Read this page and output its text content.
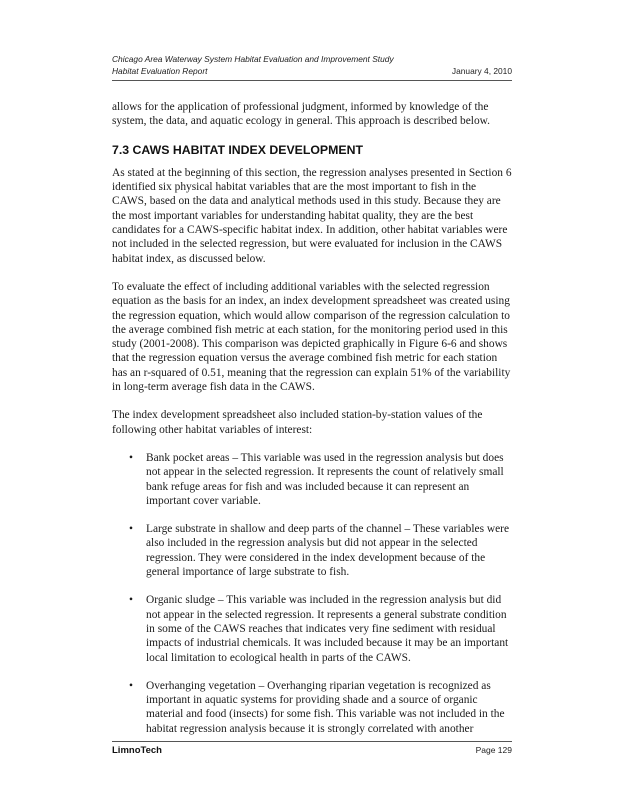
Chicago Area Waterway System Habitat Evaluation and Improvement Study
Habitat Evaluation Report	January 4, 2010

allows for the application of professional judgment, informed by knowledge of the system, the data, and aquatic ecology in general. This approach is described below.

7.3 CAWS HABITAT INDEX DEVELOPMENT

As stated at the beginning of this section, the regression analyses presented in Section 6 identified six physical habitat variables that are the most important to fish in the CAWS, based on the data and analytical methods used in this study. Because they are the most important variables for understanding habitat quality, they are the best candidates for a CAWS-specific habitat index. In addition, other habitat variables were not included in the selected regression, but were evaluated for inclusion in the CAWS habitat index, as discussed below.

To evaluate the effect of including additional variables with the selected regression equation as the basis for an index, an index development spreadsheet was created using the regression equation, which would allow comparison of the regression calculation to the average combined fish metric at each station, for the monitoring period used in this study (2001-2008). This comparison was depicted graphically in Figure 6-6 and shows that the regression equation versus the average combined fish metric for each station has an r-squared of 0.51, meaning that the regression can explain 51% of the variability in long-term average fish data in the CAWS.

The index development spreadsheet also included station-by-station values of the following other habitat variables of interest:

• Bank pocket areas – This variable was used in the regression analysis but does not appear in the selected regression. It represents the count of relatively small bank refuge areas for fish and was included because it can represent an important cover variable.
• Large substrate in shallow and deep parts of the channel – These variables were also included in the regression analysis but did not appear in the selected regression. They were considered in the index development because of the general importance of large substrate to fish.
• Organic sludge – This variable was included in the regression analysis but did not appear in the selected regression. It represents a general substrate condition in some of the CAWS reaches that indicates very fine sediment with residual impacts of industrial chemicals. It was included because it may be an important local limitation to ecological health in parts of the CAWS.
• Overhanging vegetation – Overhanging riparian vegetation is recognized as important in aquatic systems for providing shade and a source of organic material and food (insects) for some fish. This variable was not included in the habitat regression analysis because it is strongly correlated with another
LimnoTech	Page 129
